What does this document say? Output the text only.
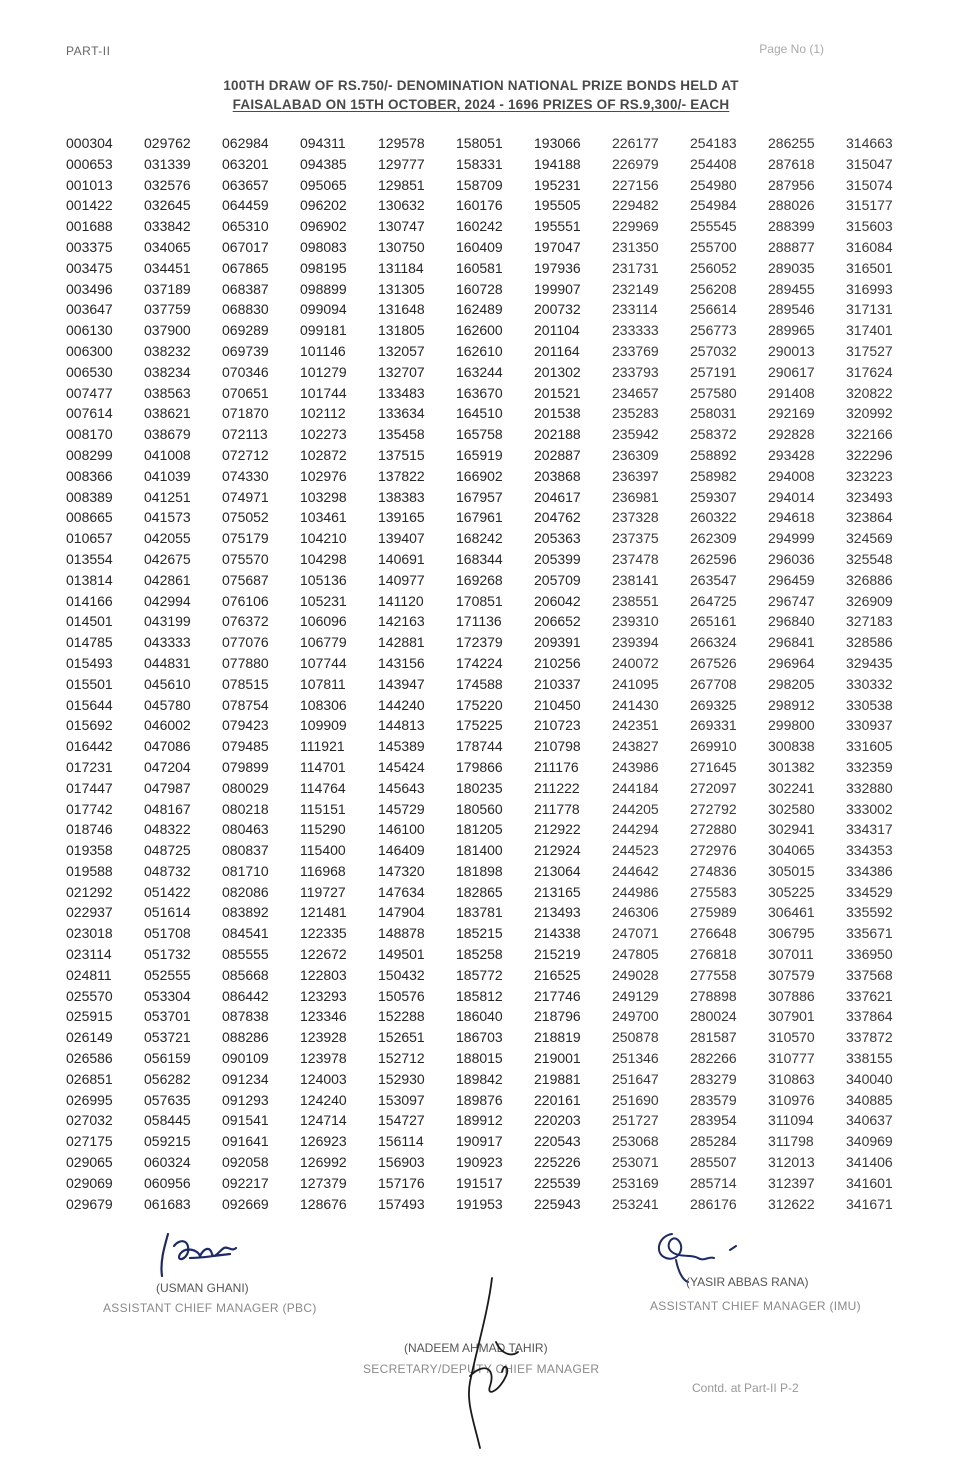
PART-II	Page No (1)
100TH DRAW OF RS.750/- DENOMINATION NATIONAL PRIZE BONDS HELD AT
FAISALABAD ON 15TH OCTOBER, 2024 - 1696 PRIZES OF RS.9,300/- EACH
000304
000653
001013
001422
001688
003375
003475
003496
003647
006130
006300
006530
007477
007614
008170
008299
008366
008389
008665
010657
013554
013814
014166
014501
014785
015493
015501
015644
015692
016442
017231
017447
017742
018746
019358
019588
021292
022937
023018
023114
024811
025570
025915
026149
026586
026851
026995
027032
027175
029065
029069
029679
029762
031339
032576
032645
033842
034065
034451
037189
037759
037900
038232
038234
038563
038621
038679
041008
041039
041251
041573
042055
042675
042861
042994
043199
043333
044831
045610
045780
046002
047086
047204
047987
048167
048322
048725
048732
051422
051614
051708
051732
052555
053304
053701
053721
056159
056282
057635
058445
059215
060324
060956
061683
062984
063201
063657
064459
065310
067017
067865
068387
068830
069289
069739
070346
070651
071870
072113
072712
074330
074971
075052
075179
075570
075687
076106
076372
077076
077880
078515
078754
079423
079485
079899
080029
080218
080463
080837
081710
082086
083892
084541
085555
085668
086442
087838
088286
090109
091234
091293
091541
091641
092058
092217
092669
094311
094385
095065
096202
096902
098083
098195
098899
099094
099181
101146
101279
101744
102112
102273
102872
102976
103298
103461
104210
104298
105136
105231
106096
106779
107744
107811
108306
109909
111921
114701
114764
115151
115290
115400
116968
119727
121481
122335
122672
122803
123293
123346
123928
123978
124003
124240
124714
126923
126992
127379
128676
129578
129777
129851
130632
130747
130750
131184
131305
131648
131805
132057
132707
133483
133634
135458
137515
137822
138383
139165
139407
140691
140977
141120
142163
142881
143156
143947
144240
144813
145389
145424
145643
145729
146100
146409
147320
147634
147904
148878
149501
150432
150576
152288
152651
152712
152930
153097
154727
156114
156903
157176
157493
158051
158331
158709
160176
160242
160409
160581
160728
162489
162600
162610
163244
163670
164510
165758
165919
166902
167957
167961
168242
168344
169268
170851
171136
172379
174224
174588
175220
175225
178744
179866
180235
180560
181205
181400
181898
182865
183781
185215
185258
185772
185812
186040
186703
188015
189842
189876
189912
190917
190923
191517
191953
193066
194188
195231
195505
195551
197047
197936
199907
200732
201104
201164
201302
201521
201538
202188
202887
203868
204617
204762
205363
205399
205709
206042
206652
209391
210256
210337
210450
210723
210798
211176
211222
211778
212922
212924
213064
213165
213493
214338
215219
216525
217746
218796
218819
219001
219881
220161
220203
220543
225226
225539
225943
226177
226979
227156
229482
229969
231350
231731
232149
233114
233333
233769
233793
234657
235283
235942
236309
236397
236981
237328
237375
237478
238141
238551
239310
239394
240072
241095
241430
242351
243827
243986
244184
244205
244294
244523
244642
244986
246306
247071
247805
249028
249129
249700
250878
251346
251647
251690
251727
253068
253071
253169
253241
254183
254408
254980
254984
255545
255700
256052
256208
256614
256773
257032
257191
257580
258031
258372
258892
258982
259307
260322
262309
262596
263547
264725
265161
266324
267526
267708
269325
269331
269910
271645
272097
272792
272880
272976
274836
275583
275989
276648
276818
277558
278898
280024
281587
282266
283279
283579
283954
285284
285507
285714
286176
286255
287618
287956
288026
288399
288877
289035
289455
289546
289965
290013
290617
291408
292169
292828
293428
294008
294014
294618
294999
296036
296459
296747
296840
296841
296964
298205
298912
299800
300838
301382
302241
302580
302941
304065
305015
305225
306461
306795
307011
307579
307886
307901
310570
310777
310863
310976
311094
311798
312013
312397
312622
314663
315047
315074
315177
315603
316084
316501
316993
317131
317401
317527
317624
320822
320992
322166
322296
323223
323493
323864
324569
325548
326886
326909
327183
328586
329435
330332
330538
330937
331605
332359
332880
333002
334317
334353
334386
334529
335592
335671
336950
337568
337621
337864
337872
338155
340040
340885
340637
340969
341406
341601
341671
(USMAN GHANI)
ASSISTANT CHIEF MANAGER (PBC)
(YASIR ABBAS RANA)
ASSISTANT CHIEF MANAGER (IMU)
(NADEEM AHMAD TAHIR)
SECRETARY/DEPUTY CHIEF MANAGER
Contd. at Part-II P-2
